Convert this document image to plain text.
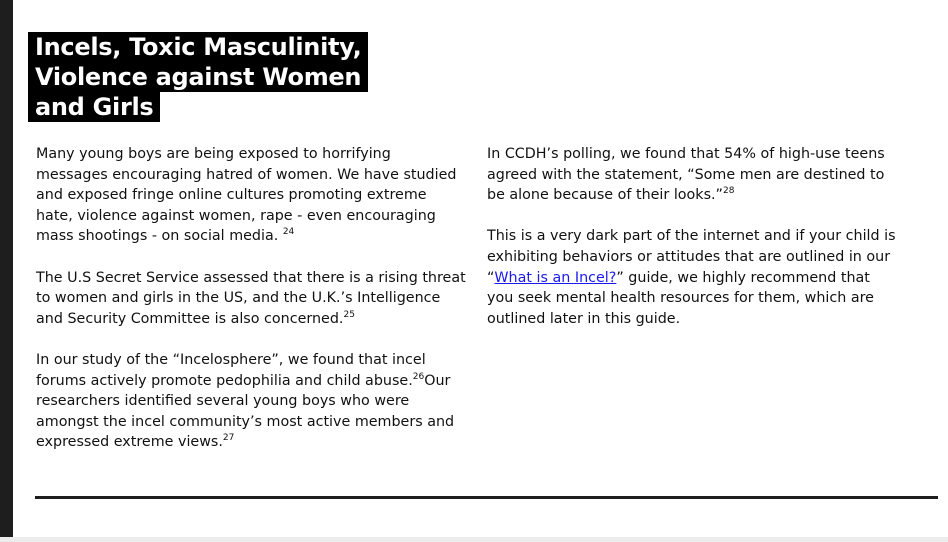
Incels, Toxic Masculinity,
Violence against Women
and Girls

Many young boys are being exposed to horrifying messages encouraging hatred of women. We have studied and exposed fringe online cultures promoting extreme hate, violence against women, rape - even encouraging mass shootings - on social media. $^{24}$

The U.S Secret Service assessed that there is a rising threat to women and girls in the US, and the U.K.’s Intelligence and Security Committee is also concerned.$^{25}$

In our study of the “Incelosphere”, we found that incel forums actively promote pedophilia and child abuse.$^{26}$Our researchers identified several young boys who were amongst the incel community’s most active members and expressed extreme views.$^{27}$

In CCDH’s polling, we found that 54% of high-use teens agreed with the statement, “Some men are destined to be alone because of their looks.”$^{28}$

This is a very dark part of the internet and if your child is exhibiting behaviors or attitudes that are outlined in our “What is an Incel?” guide, we highly recommend that you seek mental health resources for them, which are outlined later in this guide.
